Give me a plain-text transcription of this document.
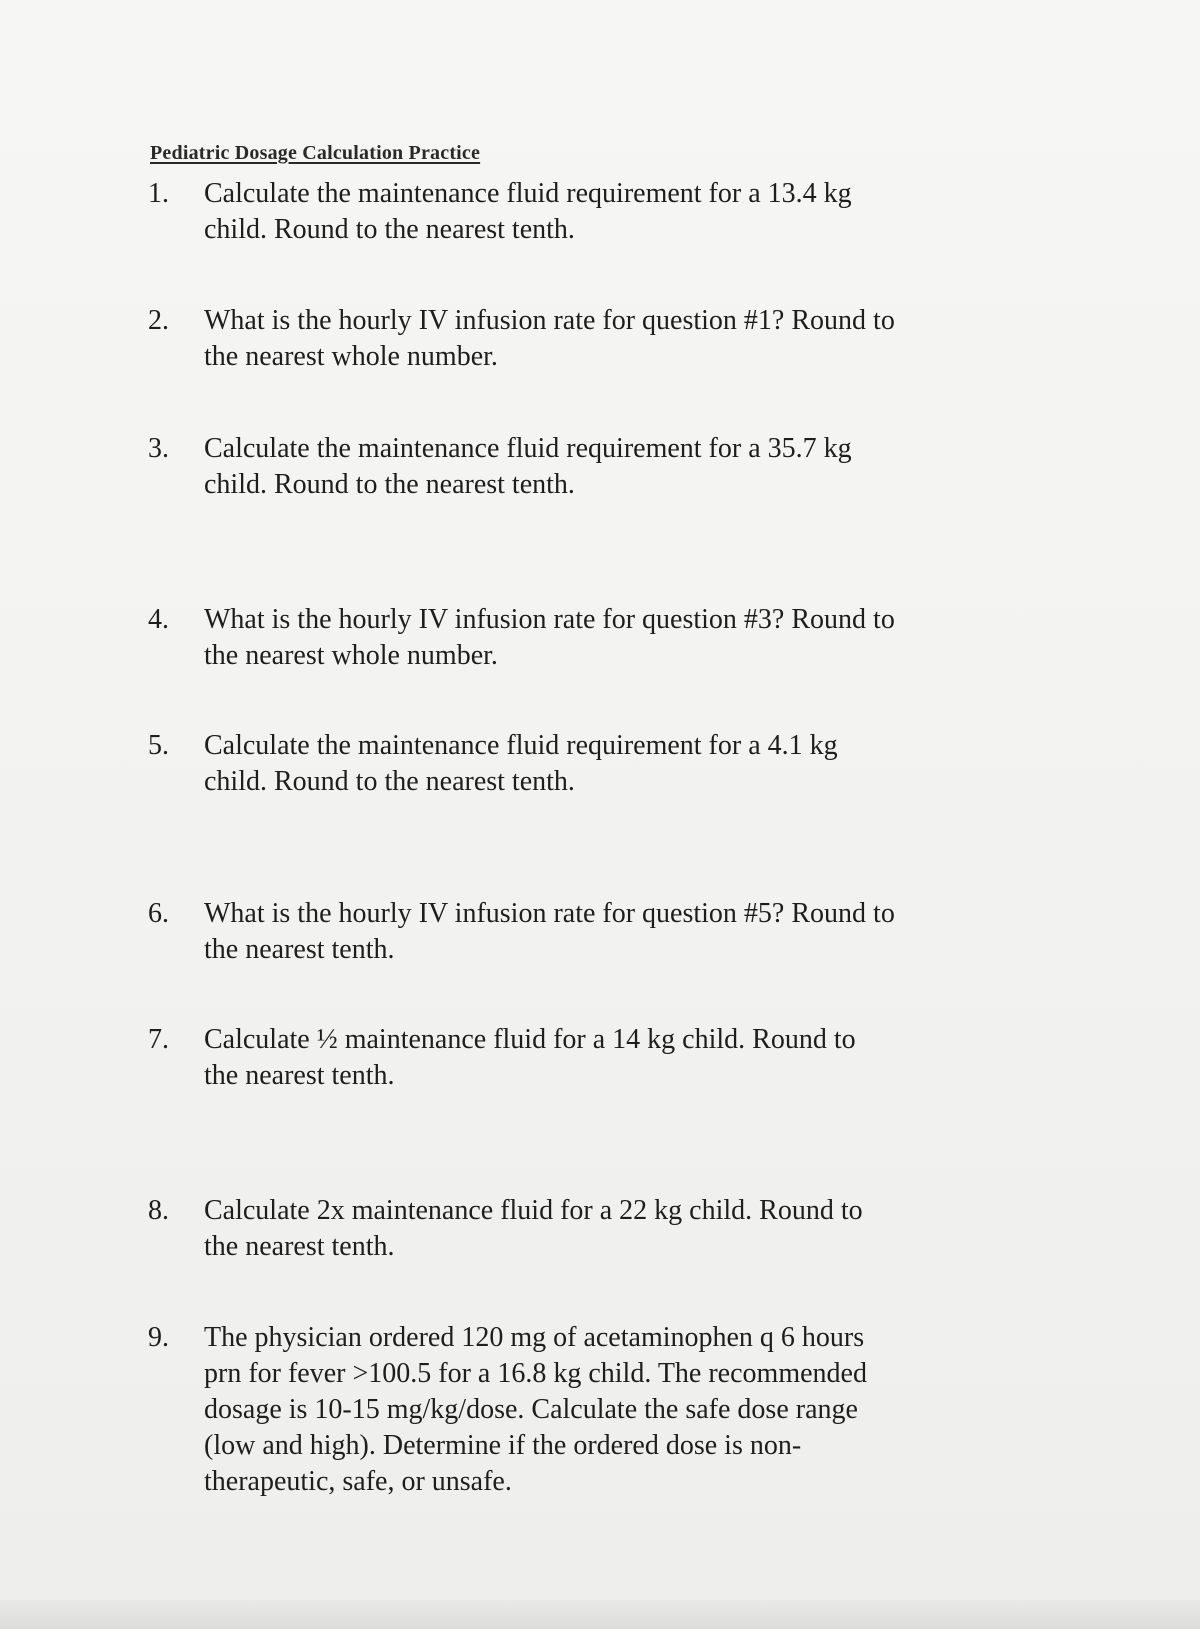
Pediatric Dosage Calculation Practice
1. Calculate the maintenance fluid requirement for a 13.4 kg child. Round to the nearest tenth.
2. What is the hourly IV infusion rate for question #1? Round to the nearest whole number.
3. Calculate the maintenance fluid requirement for a 35.7 kg child. Round to the nearest tenth.
4. What is the hourly IV infusion rate for question #3? Round to the nearest whole number.
5. Calculate the maintenance fluid requirement for a 4.1 kg child. Round to the nearest tenth.
6. What is the hourly IV infusion rate for question #5? Round to the nearest tenth.
7. Calculate ½ maintenance fluid for a 14 kg child. Round to the nearest tenth.
8. Calculate 2x maintenance fluid for a 22 kg child. Round to the nearest tenth.
9. The physician ordered 120 mg of acetaminophen q 6 hours prn for fever >100.5 for a 16.8 kg child. The recommended dosage is 10-15 mg/kg/dose. Calculate the safe dose range (low and high). Determine if the ordered dose is non-therapeutic, safe, or unsafe.
